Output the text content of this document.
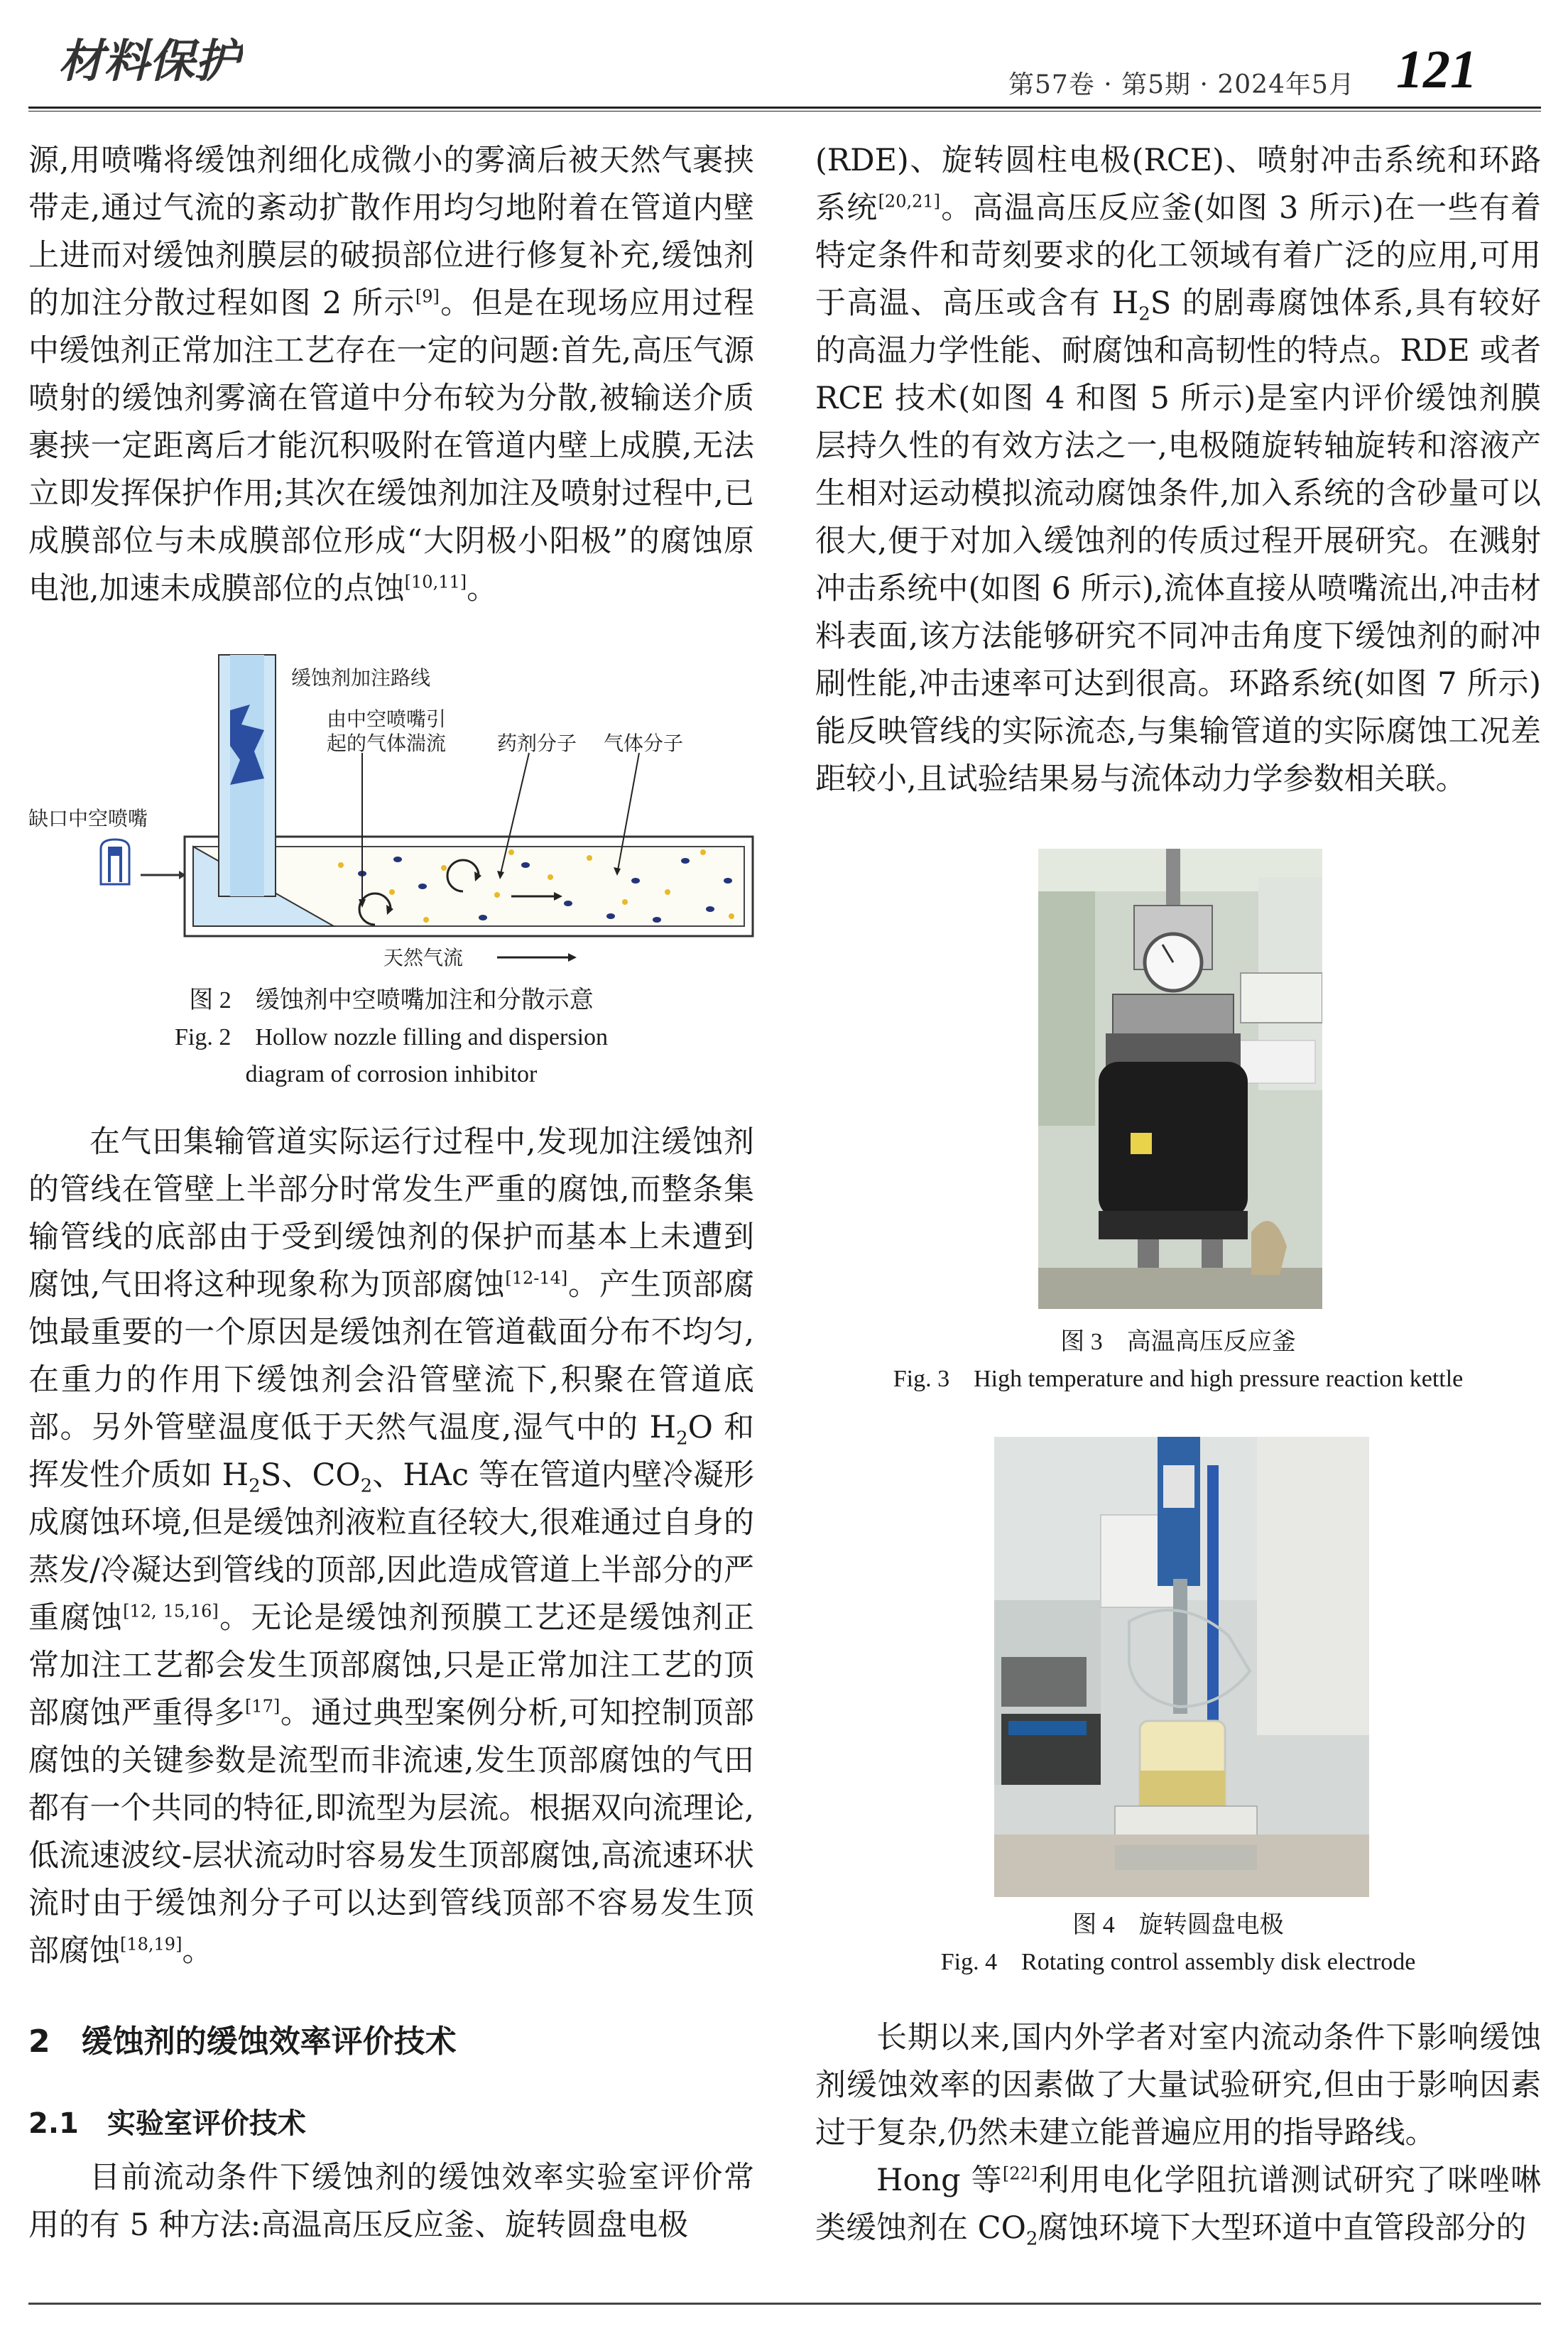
材料保护	第57卷 · 第5期 · 2024年5月 121

源,用喷嘴将缓蚀剂细化成微小的雾滴后被天然气裹挟带走,通过气流的紊动扩散作用均匀地附着在管道内壁上进而对缓蚀剂膜层的破损部位进行修复补充,缓蚀剂的加注分散过程如图 2 所示[9]。但是在现场应用过程中缓蚀剂正常加注工艺存在一定的问题:首先,高压气源喷射的缓蚀剂雾滴在管道中分布较为分散,被输送介质裹挟一定距离后才能沉积吸附在管道内壁上成膜,无法立即发挥保护作用;其次在缓蚀剂加注及喷射过程中,已成膜部位与未成膜部位形成“大阴极小阳极”的腐蚀原电池,加速未成膜部位的点蚀[10,11]。

缓蚀剂加注路线
由中空喷嘴引
起的气体湍流	药剂分子 气体分子
缺口中空喷嘴
天然气流
图 2　缓蚀剂中空喷嘴加注和分散示意
Fig. 2　Hollow nozzle filling and dispersion
diagram of corrosion inhibitor

在气田集输管道实际运行过程中,发现加注缓蚀剂的管线在管壁上半部分时常发生严重的腐蚀,而整条集输管线的底部由于受到缓蚀剂的保护而基本上未遭到腐蚀,气田将这种现象称为顶部腐蚀[12-14]。产生顶部腐蚀最重要的一个原因是缓蚀剂在管道截面分布不均匀,在重力的作用下缓蚀剂会沿管壁流下,积聚在管道底部。另外管壁温度低于天然气温度,湿气中的 $H_2O$ 和挥发性介质如 $H_2S$、$CO_2$、HAc 等在管道内壁冷凝形成腐蚀环境,但是缓蚀剂液粒直径较大,很难通过自身的蒸发/冷凝达到管线的顶部,因此造成管道上半部分的严重腐蚀[12, 15,16]。无论是缓蚀剂预膜工艺还是缓蚀剂正常加注工艺都会发生顶部腐蚀,只是正常加注工艺的顶部腐蚀严重得多[17]。通过典型案例分析,可知控制顶部腐蚀的关键参数是流型而非流速,发生顶部腐蚀的气田都有一个共同的特征,即流型为层流。根据双向流理论,低流速波纹-层状流动时容易发生顶部腐蚀,高流速环状流时由于缓蚀剂分子可以达到管线顶部不容易发生顶部腐蚀[18,19]。

2　缓蚀剂的缓蚀效率评价技术
2.1　实验室评价技术

目前流动条件下缓蚀剂的缓蚀效率实验室评价常用的有 5 种方法:高温高压反应釜、旋转圆盘电极

(RDE)、旋转圆柱电极(RCE)、喷射冲击系统和环路系统[20,21]。高温高压反应釜(如图 3 所示)在一些有着特定条件和苛刻要求的化工领域有着广泛的应用,可用于高温、高压或含有 $H_2S$ 的剧毒腐蚀体系,具有较好的高温力学性能、耐腐蚀和高韧性的特点。RDE 或者 RCE 技术(如图 4 和图 5 所示)是室内评价缓蚀剂膜层持久性的有效方法之一,电极随旋转轴旋转和溶液产生相对运动模拟流动腐蚀条件,加入系统的含砂量可以很大,便于对加入缓蚀剂的传质过程开展研究。在溅射冲击系统中(如图 6 所示),流体直接从喷嘴流出,冲击材料表面,该方法能够研究不同冲击角度下缓蚀剂的耐冲刷性能,冲击速率可达到很高。环路系统(如图 7 所示)能反映管线的实际流态,与集输管道的实际腐蚀工况差距较小,且试验结果易与流体动力学参数相关联。

图 3　高温高压反应釜
Fig. 3　High temperature and high pressure reaction kettle
图 4　旋转圆盘电极
Fig. 4　Rotating control assembly disk electrode

长期以来,国内外学者对室内流动条件下影响缓蚀剂缓蚀效率的因素做了大量试验研究,但由于影响因素过于复杂,仍然未建立能普遍应用的指导路线。

Hong 等[22]利用电化学阻抗谱测试研究了咪唑啉类缓蚀剂在 $CO_2$腐蚀环境下大型环道中直管段部分的
